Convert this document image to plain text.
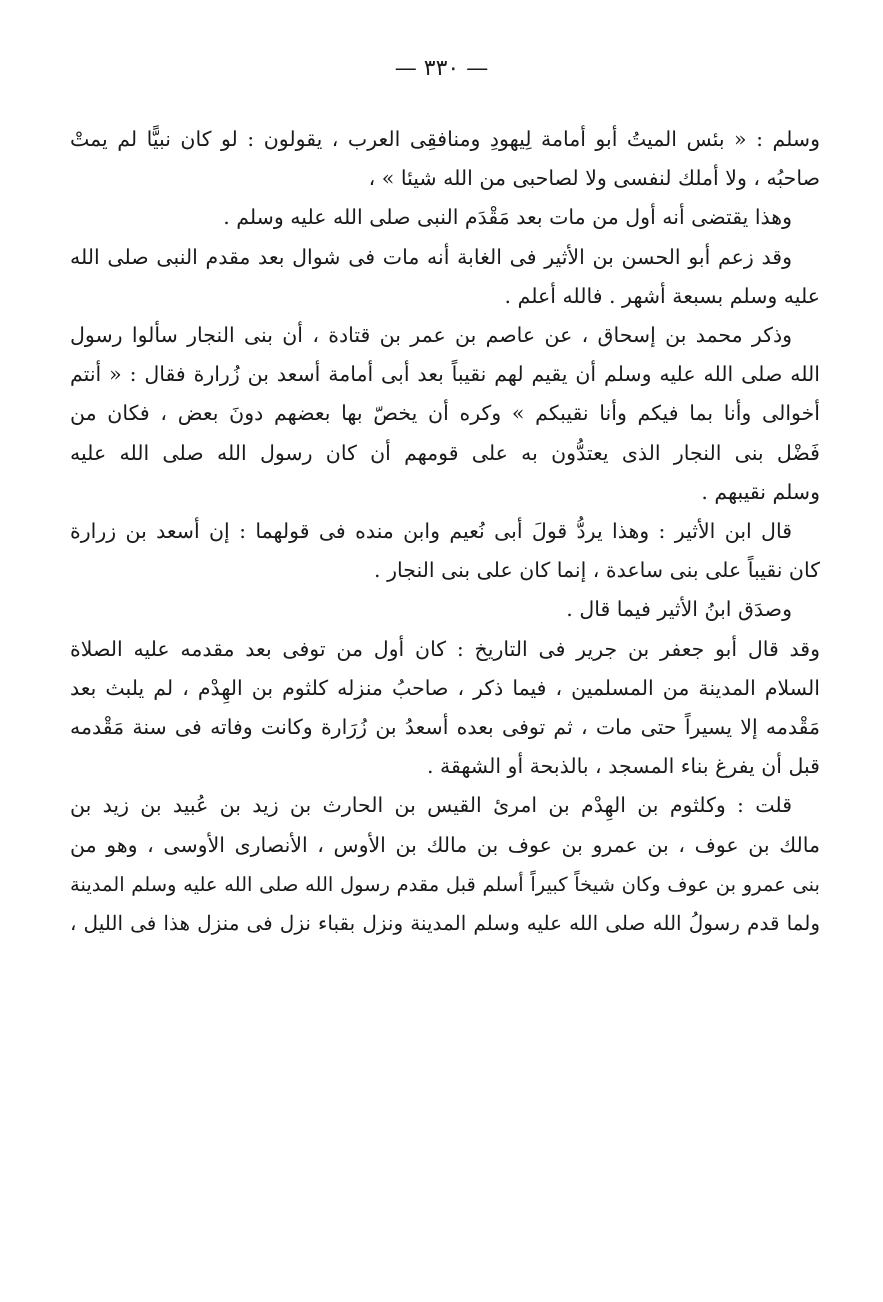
— ٣٣٠ —

وسلم : « بئس الميتُ أبو أمامة لِيهودِ ومنافقِى العرب ، يقولون : لو كان نبيًّا لم يمتْ
صاحبُه ، ولا أملك لنفسى ولا لصاحبى من الله شيئا » ،

وهذا يقتضى أنه أول من مات بعد مَقْدَم النبى صلى الله عليه وسلم .

وقد زعم أبو الحسن بن الأثير فى الغابة أنه مات فى شوال بعد مقدم النبى صلى الله
عليه وسلم بسبعة أشهر . فالله أعلم .

وذكر محمد بن إسحاق ، عن عاصم بن عمر بن قتادة ، أن بنى النجار سألوا رسول
الله صلى الله عليه وسلم أن يقيم لهم نقيباً بعد أبى أمامة أسعد بن زُرارة فقال : « أنتم
أخوالى وأنا بما فيكم وأنا نقيبكم » وكره أن يخصّ بها بعضهم دونَ بعض ، فكان من
فَضْل بنى النجار الذى يعتدُّون به على قومهم أن كان رسول الله صلى الله عليه
وسلم نقيبهم .

قال ابن الأثير : وهذا يردُّ قولَ أبى نُعيم وابن منده فى قولهما : إن أسعد بن زرارة
كان نقيباً على بنى ساعدة ، إنما كان على بنى النجار .

وصدَق ابنُ الأثير فيما قال .

وقد قال أبو جعفر بن جرير فى التاريخ : كان أول من توفى بعد مقدمه عليه الصلاة
السلام المدينة من المسلمين ، فيما ذكر ، صاحبُ منزله كلثوم بن الهِدْم ، لم يلبث بعد
مَقْدمه إلا يسيراً حتى مات ، ثم توفى بعده أسعدُ بن زُرَارة وكانت وفاته فى سنة مَقْدمه
قبل أن يفرغ بناء المسجد ، بالذبحة أو الشهقة .

قلت : وكلثوم بن الهِدْم بن امرئ القيس بن الحارث بن زيد بن عُبيد بن زيد بن
مالك بن عوف ، بن عمرو بن عوف بن مالك بن الأوس ، الأنصارى الأوسى ، وهو من
بنى عمرو بن عوف وكان شيخاً كبيراً أسلم قبل مقدم رسول الله صلى الله عليه وسلم المدينة
ولما قدم رسولُ الله صلى الله عليه وسلم المدينة ونزل بقباء نزل فى منزل هذا فى الليل ،
